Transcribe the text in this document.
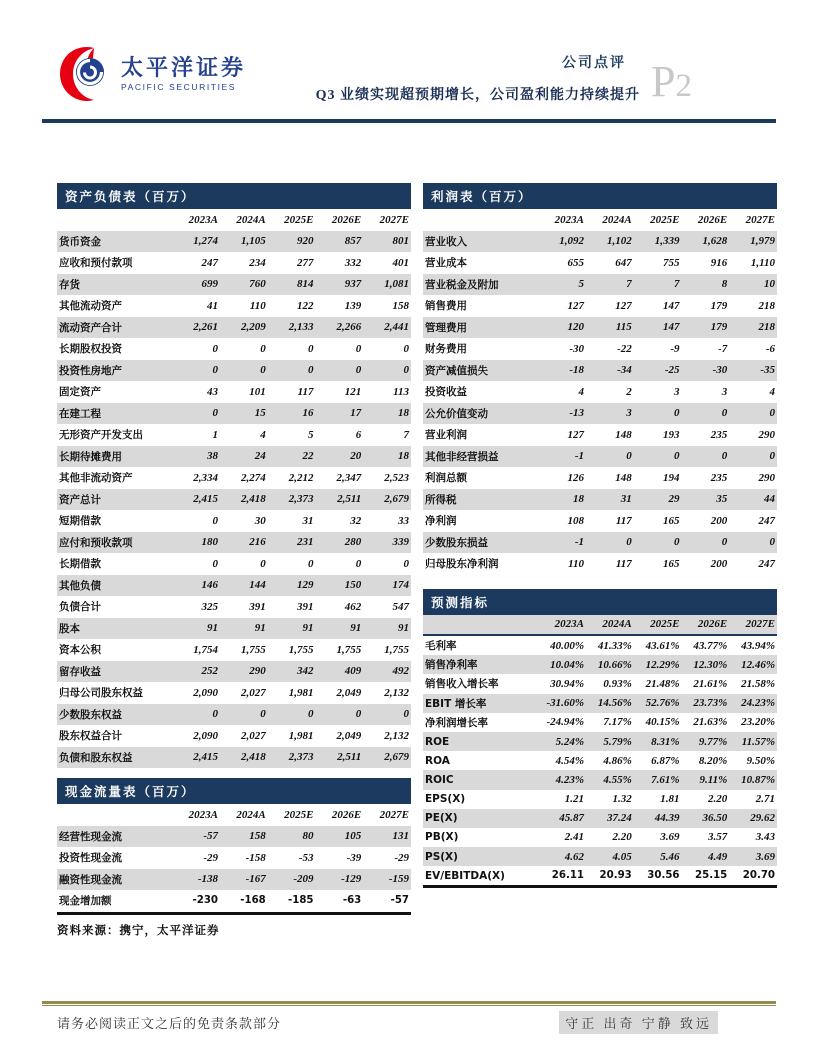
太平洋证券
PACIFIC SECURITIES
公司点评
Q3 业绩实现超预期增长，公司盈利能力持续提升 P2
资产负债表（百万）
2023A	2024A	2025E	2026E	2027E
货币资金	1,274	1,105	920	857	801
应收和预付款项	247	234	277	332	401
存货	699	760	814	937	1,081
其他流动资产	41	110	122	139	158
流动资产合计	2,261	2,209	2,133	2,266	2,441
长期股权投资	0	0	0	0	0
投资性房地产	0	0	0	0	0
固定资产	43	101	117	121	113
在建工程	0	15	16	17	18
无形资产开发支出	1	4	5	6	7
长期待摊费用	38	24	22	20	18
其他非流动资产	2,334	2,274	2,212	2,347	2,523
资产总计	2,415	2,418	2,373	2,511	2,679
短期借款	0	30	31	32	33
应付和预收款项	180	216	231	280	339
长期借款	0	0	0	0	0
其他负债	146	144	129	150	174
负债合计	325	391	391	462	547
股本	91	91	91	91	91
资本公积	1,754	1,755	1,755	1,755	1,755
留存收益	252	290	342	409	492
归母公司股东权益	2,090	2,027	1,981	2,049	2,132
少数股东权益	0	0	0	0	0
股东权益合计	2,090	2,027	1,981	2,049	2,132
负债和股东权益	2,415	2,418	2,373	2,511	2,679
现金流量表（百万）
2023A	2024A	2025E	2026E	2027E
经营性现金流	-57	158	80	105	131
投资性现金流	-29	-158	-53	-39	-29
融资性现金流	-138	-167	-209	-129	-159
现金增加额	-230	-168	-185	-63	-57
资料来源：携宁，太平洋证券
利润表（百万）
2023A	2024A	2025E	2026E	2027E
营业收入	1,092	1,102	1,339	1,628	1,979
营业成本	655	647	755	916	1,110
营业税金及附加	5	7	7	8	10
销售费用	127	127	147	179	218
管理费用	120	115	147	179	218
财务费用	-30	-22	-9	-7	-6
资产减值损失	-18	-34	-25	-30	-35
投资收益	4	2	3	3	4
公允价值变动	-13	3	0	0	0
营业利润	127	148	193	235	290
其他非经营损益	-1	0	0	0	0
利润总额	126	148	194	235	290
所得税	18	31	29	35	44
净利润	108	117	165	200	247
少数股东损益	-1	0	0	0	0
归母股东净利润	110	117	165	200	247
预测指标
2023A	2024A	2025E	2026E	2027E
毛利率	40.00%	41.33%	43.61%	43.77%	43.94%
销售净利率	10.04%	10.66%	12.29%	12.30%	12.46%
销售收入增长率	30.94%	0.93%	21.48%	21.61%	21.58%
EBIT 增长率	-31.60%	14.56%	52.76%	23.73%	24.23%
净利润增长率	-24.94%	7.17%	40.15%	21.63%	23.20%
ROE	5.24%	5.79%	8.31%	9.77%	11.57%
ROA	4.54%	4.86%	6.87%	8.20%	9.50%
ROIC	4.23%	4.55%	7.61%	9.11%	10.87%
EPS(X)	1.21	1.32	1.81	2.20	2.71
PE(X)	45.87	37.24	44.39	36.50	29.62
PB(X)	2.41	2.20	3.69	3.57	3.43
PS(X)	4.62	4.05	5.46	4.49	3.69
EV/EBITDA(X)	26.11	20.93	30.56	25.15	20.70
请务必阅读正文之后的免责条款部分	守正 出奇 宁静 致远
